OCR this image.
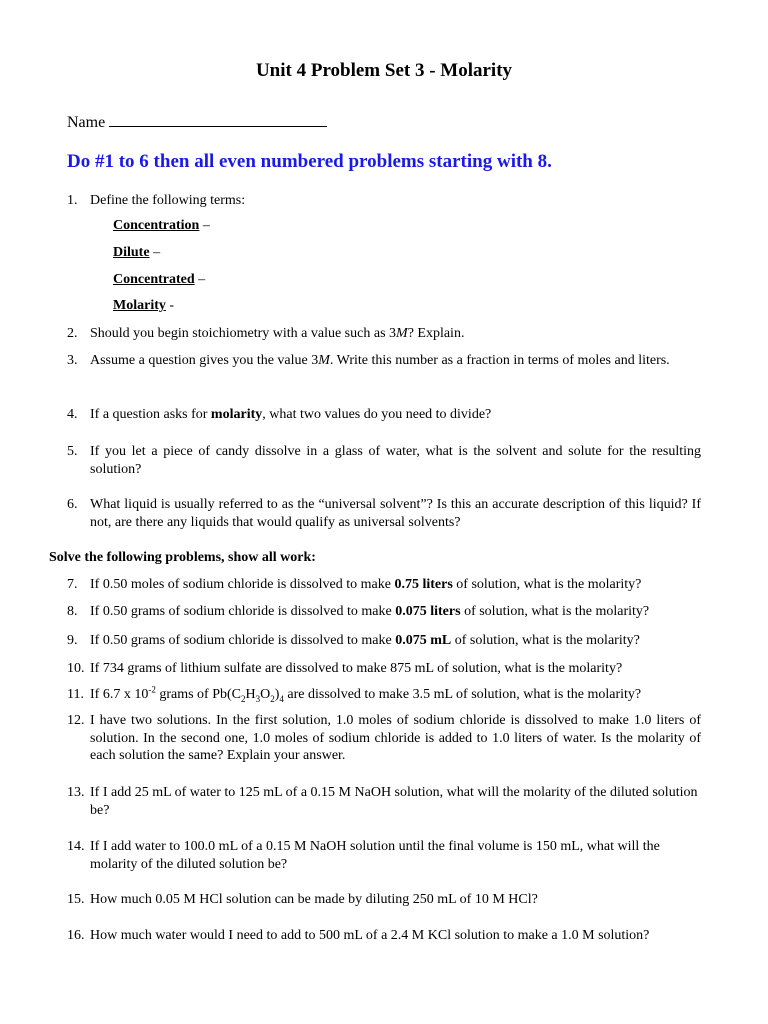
Unit 4 Problem Set 3 - Molarity
Name
Do #1 to 6 then all even numbered problems starting with 8.
1. Define the following terms:
Concentration –
Dilute –
Concentrated –
Molarity -
2. Should you begin stoichiometry with a value such as 3M? Explain.
3. Assume a question gives you the value 3M. Write this number as a fraction in terms of moles and liters.
4. If a question asks for molarity, what two values do you need to divide?
5. If you let a piece of candy dissolve in a glass of water, what is the solvent and solute for the resulting solution?
6. What liquid is usually referred to as the “universal solvent”? Is this an accurate description of this liquid? If not, are there any liquids that would qualify as universal solvents?
Solve the following problems, show all work:
7. If 0.50 moles of sodium chloride is dissolved to make 0.75 liters of solution, what is the molarity?
8. If 0.50 grams of sodium chloride is dissolved to make 0.075 liters of solution, what is the molarity?
9. If 0.50 grams of sodium chloride is dissolved to make 0.075 mL of solution, what is the molarity?
10. If 734 grams of lithium sulfate are dissolved to make 875 mL of solution, what is the molarity?
11. If 6.7 x $10^{-2}$ grams of $Pb(C_2H_3O_2)_4$ are dissolved to make 3.5 mL of solution, what is the molarity?
12. I have two solutions. In the first solution, 1.0 moles of sodium chloride is dissolved to make 1.0 liters of solution. In the second one, 1.0 moles of sodium chloride is added to 1.0 liters of water. Is the molarity of each solution the same? Explain your answer.
13. If I add 25 mL of water to 125 mL of a 0.15 M NaOH solution, what will the molarity of the diluted solution be?
14. If I add water to 100.0 mL of a 0.15 M NaOH solution until the final volume is 150 mL, what will the molarity of the diluted solution be?
15. How much 0.05 M HCl solution can be made by diluting 250 mL of 10 M HCl?
16. How much water would I need to add to 500 mL of a 2.4 M KCl solution to make a 1.0 M solution?
